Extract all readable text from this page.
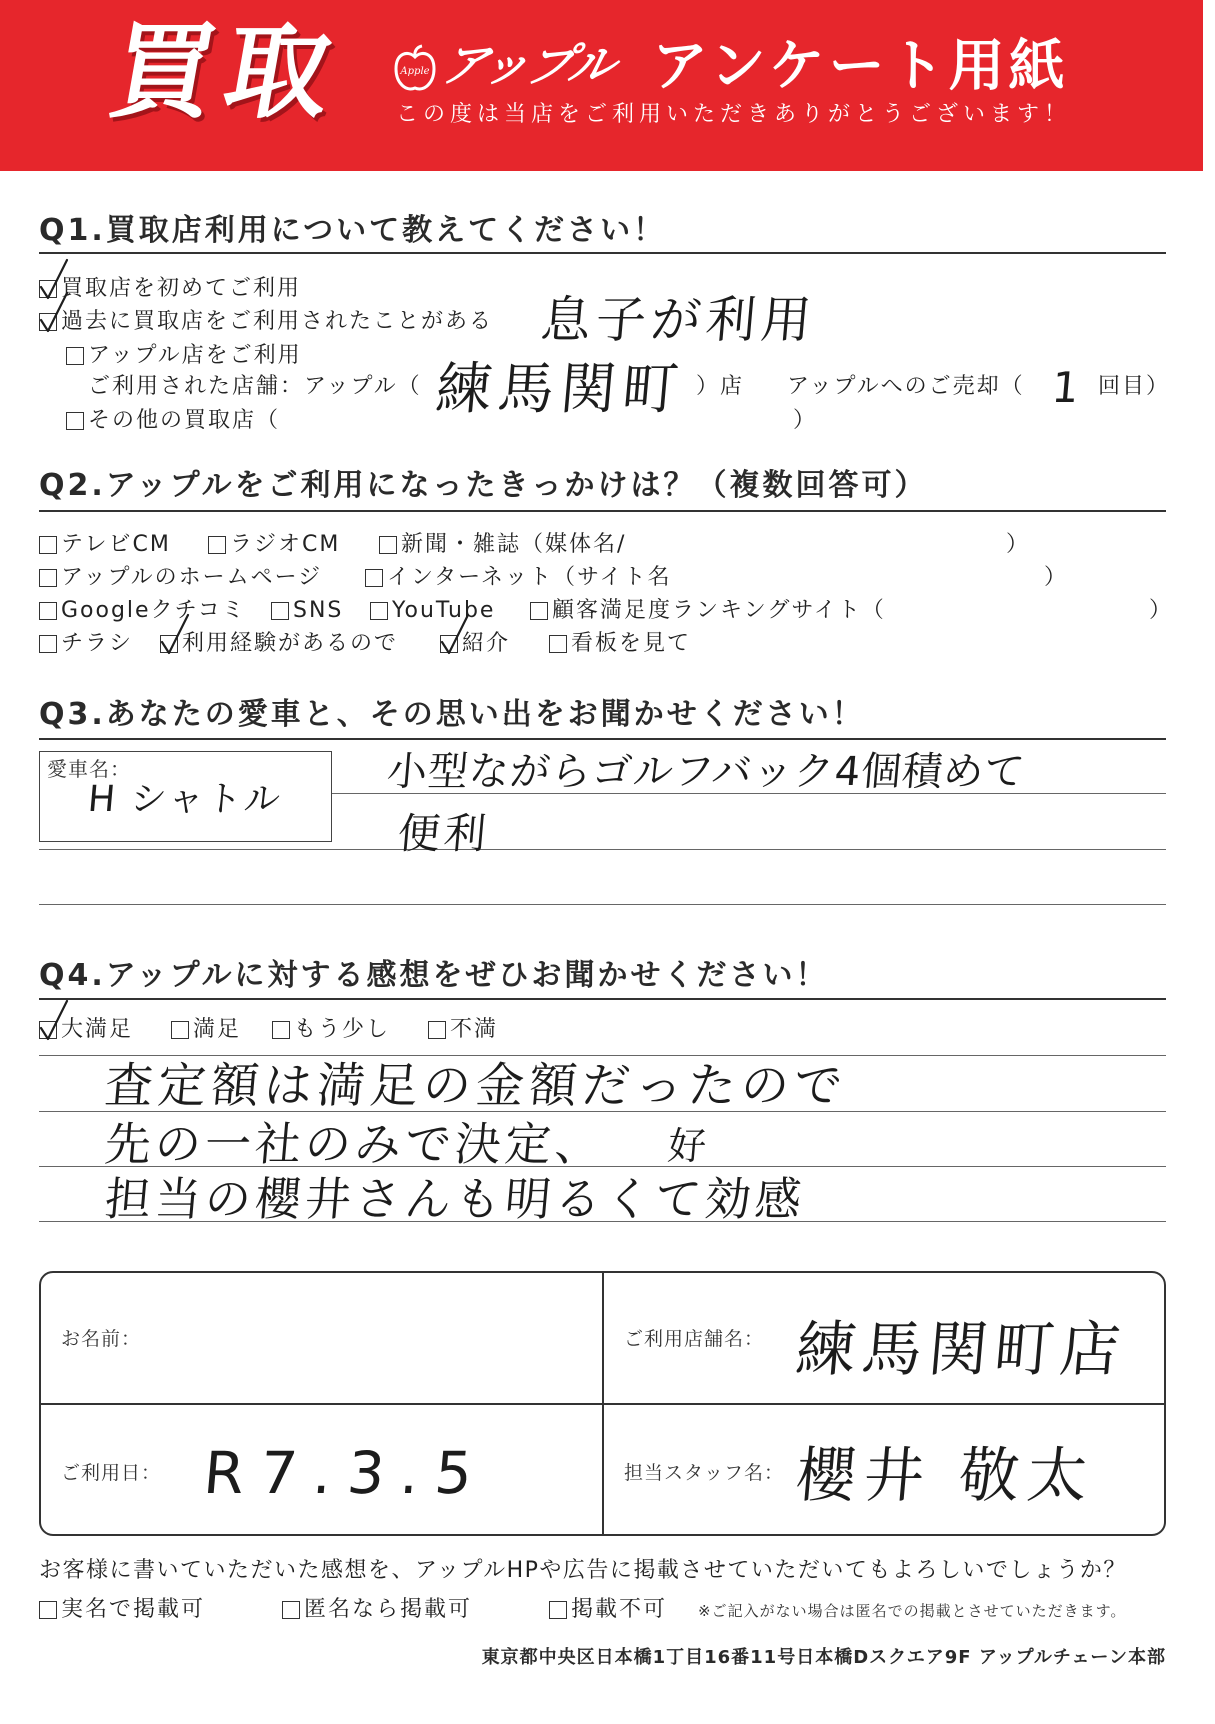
買取	Apple アップル アンケート用紙
この度は当店をご利用いただきありがとうございます！
Q1.買取店利用について教えてください！
買取店を初めてご利用
過去に買取店をご利用されたことがある 息子が利用
アップル店をご利用
ご利用された店舗：アップル（ 練馬関町 ）店 アップルへのご売却（ 1 回目）
その他の買取店（	）
Q2.アップルをご利用になったきっかけは？（複数回答可）
テレビCM	ラジオCM	新聞・雑誌（媒体名/	）
アップルのホームページ	インターネット（サイト名	）
Googleクチコミ SNS YouTube	顧客満足度ランキングサイト（	）
チラシ 利用経験があるので	紹介	看板を見て
Q3.あなたの愛車と、その思い出をお聞かせください！
愛車名：
H シャトル
小型ながらゴルフバック4個積めて
便利
Q4.アップルに対する感想をぜひお聞かせください！
大満足	満足 もう少し	不満
査定額は満足の金額だったので
先の一社のみで決定、 好
担当の櫻井さんも明るくて効感
お名前：	ご利用店舗名： 練馬関町店
ご利用日： R7.3.5	担当スタッフ名： 櫻井 敬太
お客様に書いていただいた感想を、アップルHPや広告に掲載させていただいてもよろしいでしょうか？
実名で掲載可	匿名なら掲載可	掲載不可 ※ご記入がない場合は匿名での掲載とさせていただきます。
東京都中央区日本橋1丁目16番11号日本橋Dスクエア9F アップルチェーン本部
